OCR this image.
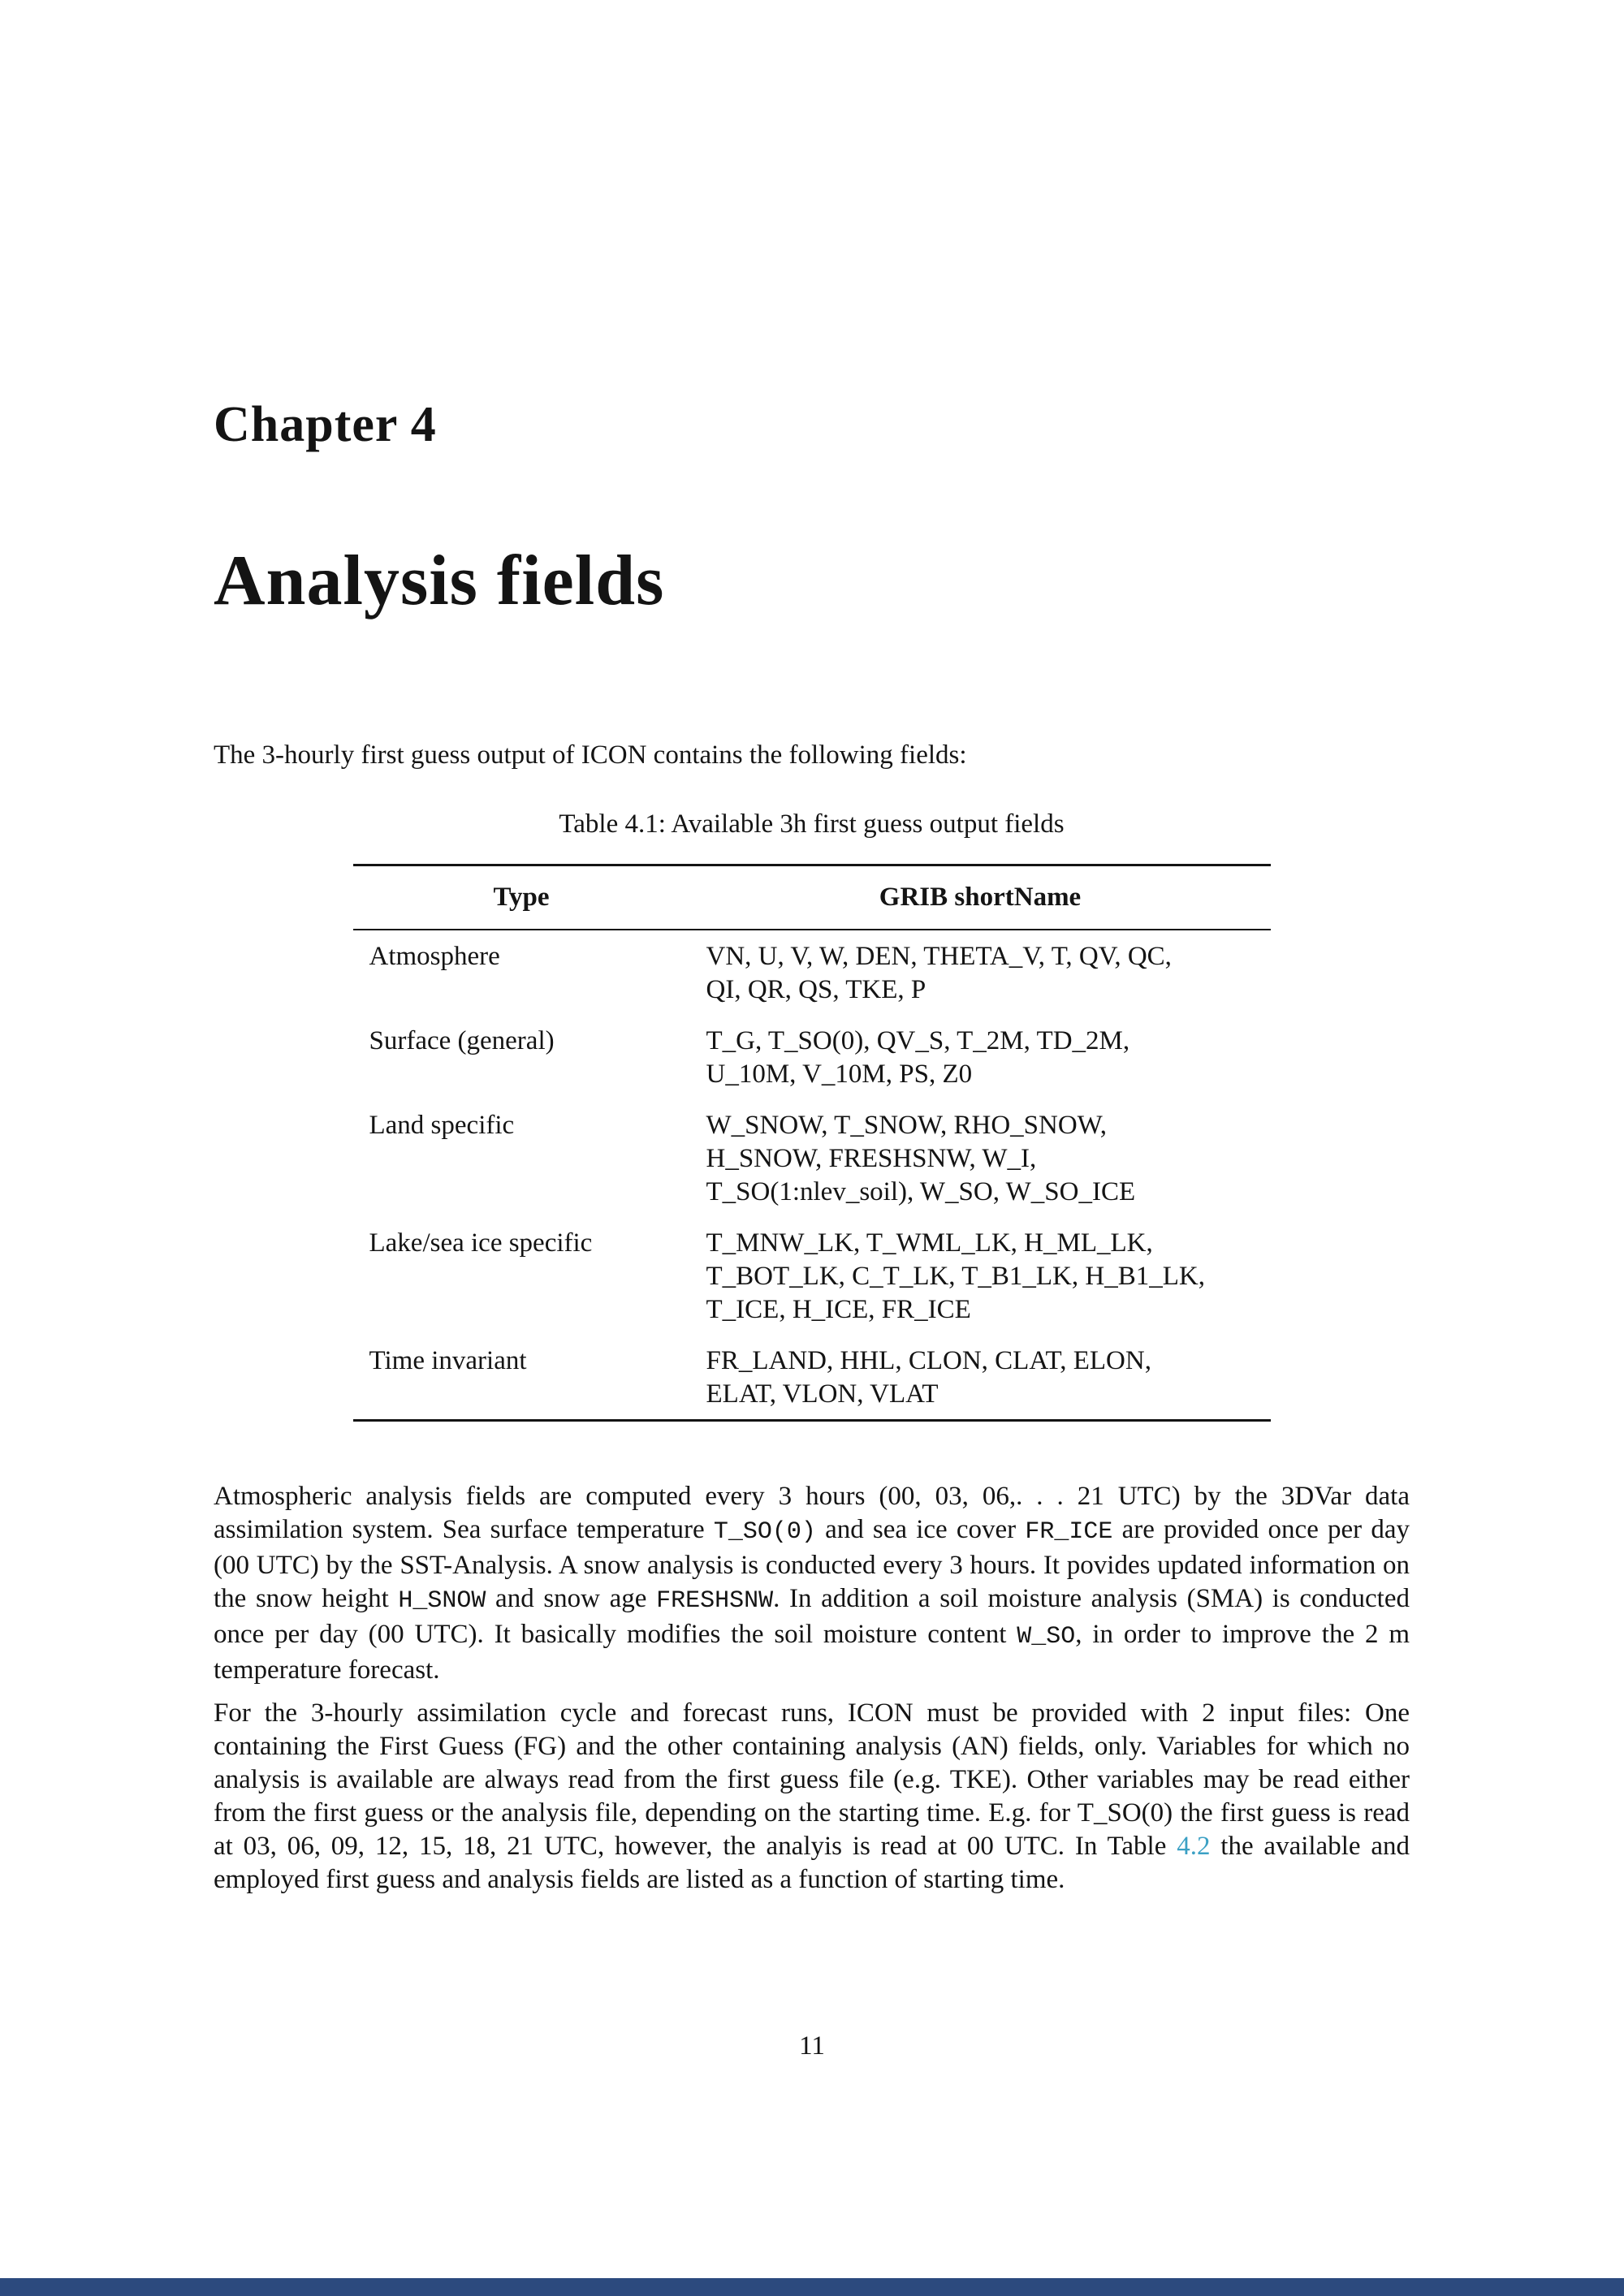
Chapter 4
Analysis fields

The 3-hourly first guess output of ICON contains the following fields:

Table 4.1: Available 3h first guess output fields
Type	GRIB shortName
Atmosphere	VN, U, V, W, DEN, THETA_V, T, QV, QC,
QI, QR, QS, TKE, P
Surface (general)	T_G, T_SO(0), QV_S, T_2M, TD_2M,
U_10M, V_10M, PS, Z0
Land specific	W_SNOW, T_SNOW, RHO_SNOW,
H_SNOW, FRESHSNW, W_I,
T_SO(1:nlev_soil), W_SO, W_SO_ICE
Lake/sea ice specific	T_MNW_LK, T_WML_LK, H_ML_LK,
T_BOT_LK, C_T_LK, T_B1_LK, H_B1_LK,
T_ICE, H_ICE, FR_ICE
Time invariant	FR_LAND, HHL, CLON, CLAT, ELON,
ELAT, VLON, VLAT

Atmospheric analysis fields are computed every 3 hours (00, 03, 06,. . . 21 UTC) by the 3DVar data assimilation system. Sea surface temperature T_SO(0) and sea ice cover FR_ICE are provided once per day (00 UTC) by the SST-Analysis. A snow analysis is conducted every 3 hours. It povides updated information on the snow height H_SNOW and snow age FRESHSNW. In addition a soil moisture analysis (SMA) is conducted once per day (00 UTC). It basically modifies the soil moisture content W_SO, in order to improve the 2 m temperature forecast.

For the 3-hourly assimilation cycle and forecast runs, ICON must be provided with 2 input files: One containing the First Guess (FG) and the other containing analysis (AN) fields, only. Variables for which no analysis is available are always read from the first guess file (e.g. TKE). Other variables may be read either from the first guess or the analysis file, depending on the starting time. E.g. for T_SO(0) the first guess is read at 03, 06, 09, 12, 15, 18, 21 UTC, however, the analyis is read at 00 UTC. In Table 4.2 the available and employed first guess and analysis fields are listed as a function of starting time.

11
